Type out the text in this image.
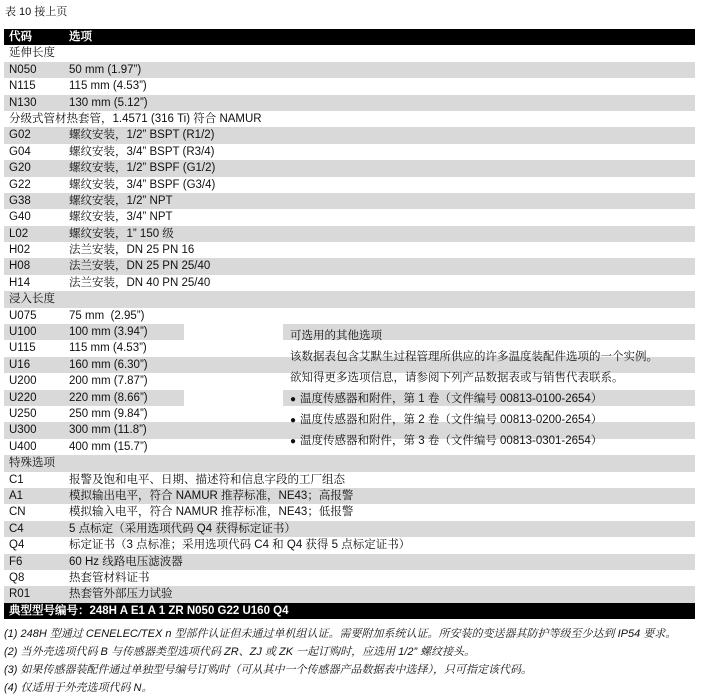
表 10 接上页
代码	选项
延伸长度
N050	50 mm (1.97”)
N115	115 mm (4.53”)
N130	130 mm (5.12”)
分级式管材热套管，1.4571 (316 Ti) 符合 NAMUR
G02	螺纹安装，1/2” BSPT (R1/2)
G04	螺纹安装，3/4” BSPT (R3/4)
G20	螺纹安装，1/2” BSPF (G1/2)
G22	螺纹安装，3/4” BSPF (G3/4)
G38	螺纹安装，1/2” NPT
G40	螺纹安装，3/4” NPT
L02	螺纹安装，1” 150 级
H02	法兰安装，DN 25 PN 16
H08	法兰安装，DN 25 PN 25/40
H14	法兰安装，DN 40 PN 25/40
浸入长度
U075	75 mm  (2.95”)
U100	100 mm (3.94”)
U115	115 mm (4.53”)
U16	160 mm (6.30”)
U200	200 mm (7.87”)
U220	220 mm (8.66”)
U250	250 mm (9.84”)
U300	300 mm (11.8”)
U400	400 mm (15.7”)
特殊选项
C1	报警及饱和电平、日期、描述符和信息字段的工厂组态
A1	模拟输出电平，符合 NAMUR 推荐标准，NE43；高报警
CN	模拟输入电平，符合 NAMUR 推荐标准，NE43；低报警
C4	5 点标定（采用选项代码 Q4 获得标定证书）
Q4	标定证书（3 点标准；采用选项代码 C4 和 Q4 获得 5 点标定证书）
F6	60 Hz 线路电压滤波器
Q8	热套管材料证书
R01	热套管外部压力试验
典型型号编号：248H A E1 A 1 ZR N050 G22 U160 Q4
可选用的其他选项
该数据表包含艾默生过程管理所供应的许多温度装配件选项的一个实例。
欲知得更多选项信息，请参阅下列产品数据表或与销售代表联系。
● 温度传感器和附件，第 1 卷（文件编号 00813-0100-2654）
● 温度传感器和附件，第 2 卷（文件编号 00813-0200-2654）
● 温度传感器和附件，第 3 卷（文件编号 00813-0301-2654）
(1) 248H 型通过 CENELEC/TEX n 型部件认证但未通过单机组认证。需要附加系统认证。所安装的变送器其防护等级至少达到 IP54 要求。
(2) 当外壳选项代码 B 与传感器类型选项代码 ZR、ZJ 或 ZK 一起订购时，应选用 1/2” 螺纹接头。
(3) 如果传感器装配件通过单独型号编号订购时（可从其中一个传感器产品数据表中选择），只可指定该代码。
(4) 仅适用于外壳选项代码 N。
